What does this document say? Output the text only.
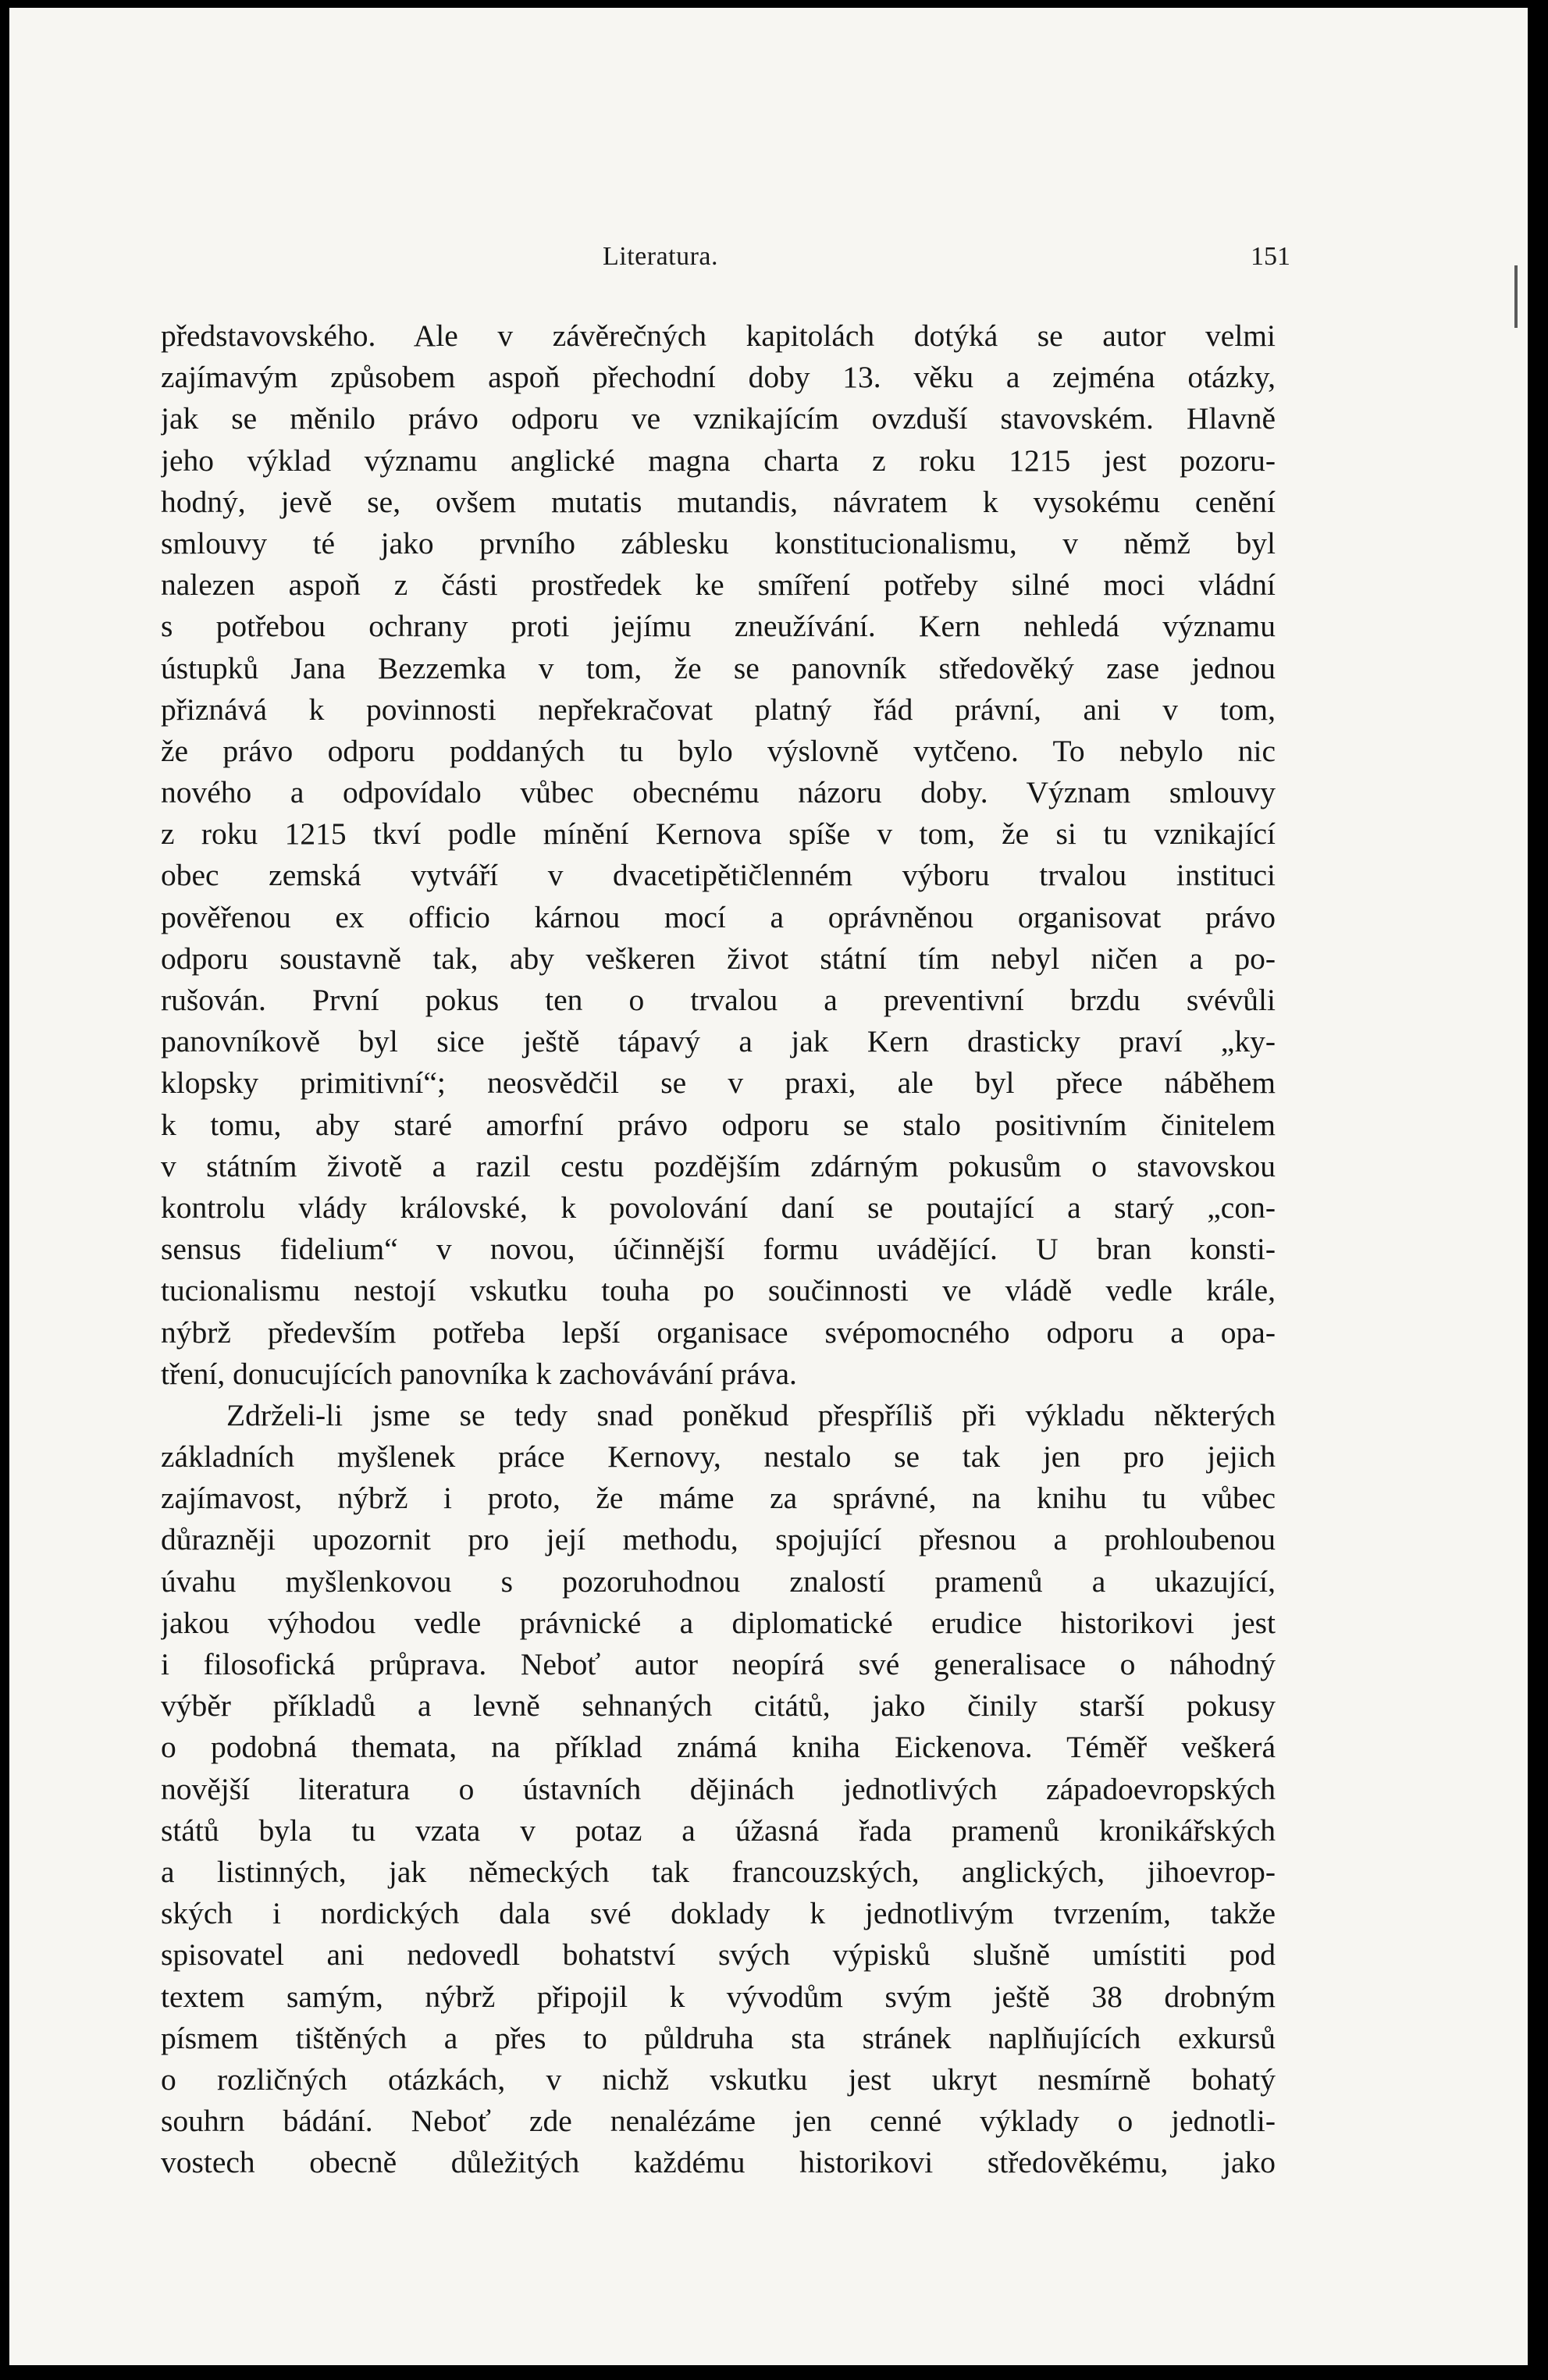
Literatura.	151

představovského. Ale v závěrečných kapitolách dotýká se autor velmi
zajímavým způsobem aspoň přechodní doby 13. věku a zejména otázky,
jak se měnilo právo odporu ve vznikajícím ovzduší stavovském. Hlavně
jeho výklad významu anglické magna charta z roku 1215 jest pozoru-
hodný, jevě se, ovšem mutatis mutandis, návratem k vysokému cenění
smlouvy té jako prvního záblesku konstitucionalismu, v němž byl
nalezen aspoň z části prostředek ke smíření potřeby silné moci vládní
s potřebou ochrany proti jejímu zneužívání. Kern nehledá významu
ústupků Jana Bezzemka v tom, že se panovník středověký zase jednou
přiznává k povinnosti nepřekračovat platný řád právní, ani v tom,
že právo odporu poddaných tu bylo výslovně vytčeno. To nebylo nic
nového a odpovídalo vůbec obecnému názoru doby. Význam smlouvy
z roku 1215 tkví podle mínění Kernova spíše v tom, že si tu vznikající
obec zemská vytváří v dvacetipětičlenném výboru trvalou instituci
pověřenou ex officio kárnou mocí a oprávněnou organisovat právo
odporu soustavně tak, aby veškeren život státní tím nebyl ničen a po-
rušován. První pokus ten o trvalou a preventivní brzdu svévůli
panovníkově byl sice ještě tápavý a jak Kern drasticky praví „ky-
klopsky primitivní“; neosvědčil se v praxi, ale byl přece náběhem
k tomu, aby staré amorfní právo odporu se stalo positivním činitelem
v státním životě a razil cestu pozdějším zdárným pokusům o stavovskou
kontrolu vlády královské, k povolování daní se poutající a starý „con-
sensus fidelium“ v novou, účinnější formu uvádějící. U bran konsti-
tucionalismu nestojí vskutku touha po součinnosti ve vládě vedle krále,
nýbrž především potřeba lepší organisace svépomocného odporu a opa-
tření, donucujících panovníka k zachovávání práva.

Zdrželi-li jsme se tedy snad poněkud přespříliš při výkladu některých
základních myšlenek práce Kernovy, nestalo se tak jen pro jejich
zajímavost, nýbrž i proto, že máme za správné, na knihu tu vůbec
důrazněji upozornit pro její methodu, spojující přesnou a prohloubenou
úvahu myšlenkovou s pozoruhodnou znalostí pramenů a ukazující,
jakou výhodou vedle právnické a diplomatické erudice historikovi jest
i filosofická průprava. Neboť autor neopírá své generalisace o náhodný
výběr příkladů a levně sehnaných citátů, jako činily starší pokusy
o podobná themata, na příklad známá kniha Eickenova. Téměř veškerá
novější literatura o ústavních dějinách jednotlivých západoevropských
států byla tu vzata v potaz a úžasná řada pramenů kronikářských
a listinných, jak německých tak francouzských, anglických, jihoevrop-
ských i nordických dala své doklady k jednotlivým tvrzením, takže
spisovatel ani nedovedl bohatství svých výpisků slušně umístiti pod
textem samým, nýbrž připojil k vývodům svým ještě 38 drobným
písmem tištěných a přes to půldruha sta stránek naplňujících exkursů
o rozličných otázkách, v nichž vskutku jest ukryt nesmírně bohatý
souhrn bádání. Neboť zde nenalézáme jen cenné výklady o jednotli-
vostech obecně důležitých každému historikovi středověkému, jako
